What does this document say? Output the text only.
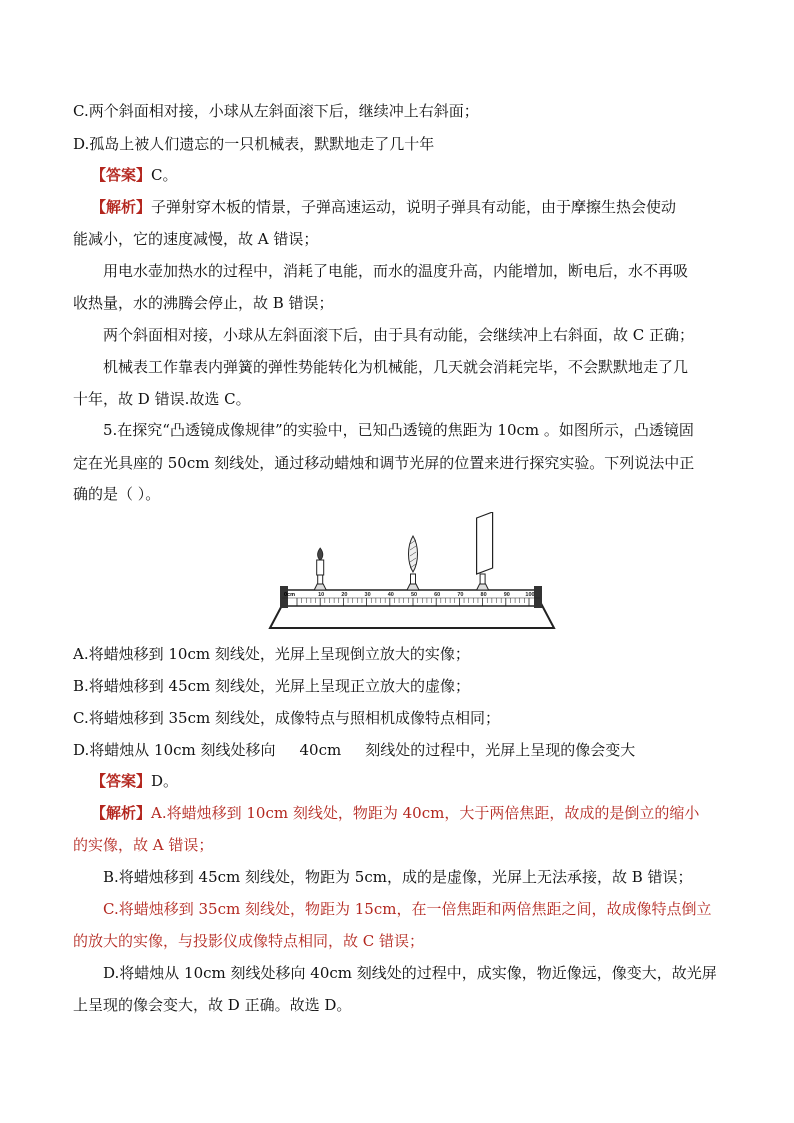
C.两个斜面相对接，小球从左斜面滚下后，继续冲上右斜面；
D.孤岛上被人们遗忘的一只机械表，默默地走了几十年
【答案】C。
【解析】子弹射穿木板的情景，子弹高速运动，说明子弹具有动能，由于摩擦生热会使动
能减小，它的速度减慢，故 A 错误；
用电水壶加热水的过程中，消耗了电能，而水的温度升高，内能增加，断电后，水不再吸
收热量，水的沸腾会停止，故 B 错误；
两个斜面相对接，小球从左斜面滚下后，由于具有动能，会继续冲上右斜面，故 C 正确；
机械表工作靠表内弹簧的弹性势能转化为机械能，几天就会消耗完毕，不会默默地走了几
十年，故 D 错误.故选 C。
5.在探究“凸透镜成像规律”的实验中，已知凸透镜的焦距为 10cm 。如图所示，凸透镜固
定在光具座的 50cm 刻线处，通过移动蜡烛和调节光屏的位置来进行探究实验。下列说法中正
确的是（ ）。
0cm	10	20	30	40	50	60	70	80	90	100
A.将蜡烛移到 10cm 刻线处，光屏上呈现倒立放大的实像；
B.将蜡烛移到 45cm 刻线处，光屏上呈现正立放大的虚像；
C.将蜡烛移到 35cm 刻线处，成像特点与照相机成像特点相同；
D.将蜡烛从 10cm 刻线处移向 40cm 刻线处的过程中，光屏上呈现的像会变大
【答案】D。
【解析】A.将蜡烛移到 10cm 刻线处，物距为 40cm，大于两倍焦距，故成的是倒立的缩小
的实像，故 A 错误；
B.将蜡烛移到 45cm 刻线处，物距为 5cm，成的是虚像，光屏上无法承接，故 B 错误；
C.将蜡烛移到 35cm 刻线处，物距为 15cm，在一倍焦距和两倍焦距之间，故成像特点倒立
的放大的实像，与投影仪成像特点相同，故 C 错误；
D.将蜡烛从 10cm 刻线处移向 40cm 刻线处的过程中，成实像，物近像远，像变大，故光屏
上呈现的像会变大，故 D 正确。故选 D。
